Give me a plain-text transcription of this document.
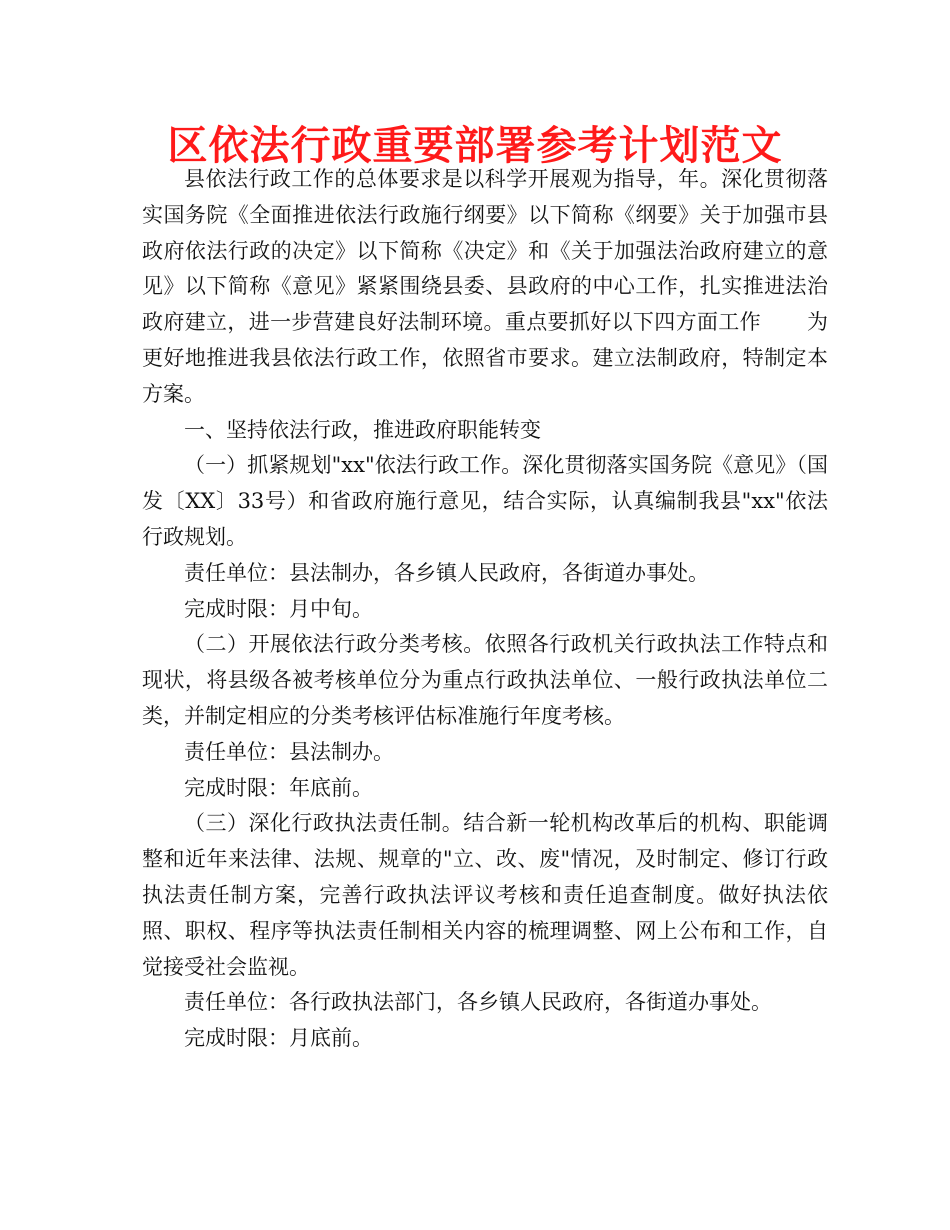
区依法行政重要部署参考计划范文

县依法行政工作的总体要求是以科学开展观为指导，年。深化贯彻落实国务院《全面推进依法行政施行纲要》以下简称《纲要》关于加强市县政府依法行政的决定》以下简称《决定》和《关于加强法治政府建立的意见》以下简称《意见》紧紧围绕县委、县政府的中心工作，扎实推进法治政府建立，进一步营建良好法制环境。重点要抓好以下四方面工作 为更好地推进我县依法行政工作，依照省市要求。建立法制政府，特制定本方案。

一、坚持依法行政，推进政府职能转变

（一）抓紧规划"xx"依法行政工作。深化贯彻落实国务院《意见》（国发〔XX〕33号）和省政府施行意见，结合实际，认真编制我县"xx"依法行政规划。

责任单位：县法制办，各乡镇人民政府，各街道办事处。

完成时限：月中旬。

（二）开展依法行政分类考核。依照各行政机关行政执法工作特点和现状，将县级各被考核单位分为重点行政执法单位、一般行政执法单位二类，并制定相应的分类考核评估标准施行年度考核。

责任单位：县法制办。

完成时限：年底前。

（三）深化行政执法责任制。结合新一轮机构改革后的机构、职能调整和近年来法律、法规、规章的"立、改、废"情况，及时制定、修订行政执法责任制方案，完善行政执法评议考核和责任追查制度。做好执法依照、职权、程序等执法责任制相关内容的梳理调整、网上公布和工作，自觉接受社会监视。

责任单位：各行政执法部门，各乡镇人民政府，各街道办事处。

完成时限：月底前。
